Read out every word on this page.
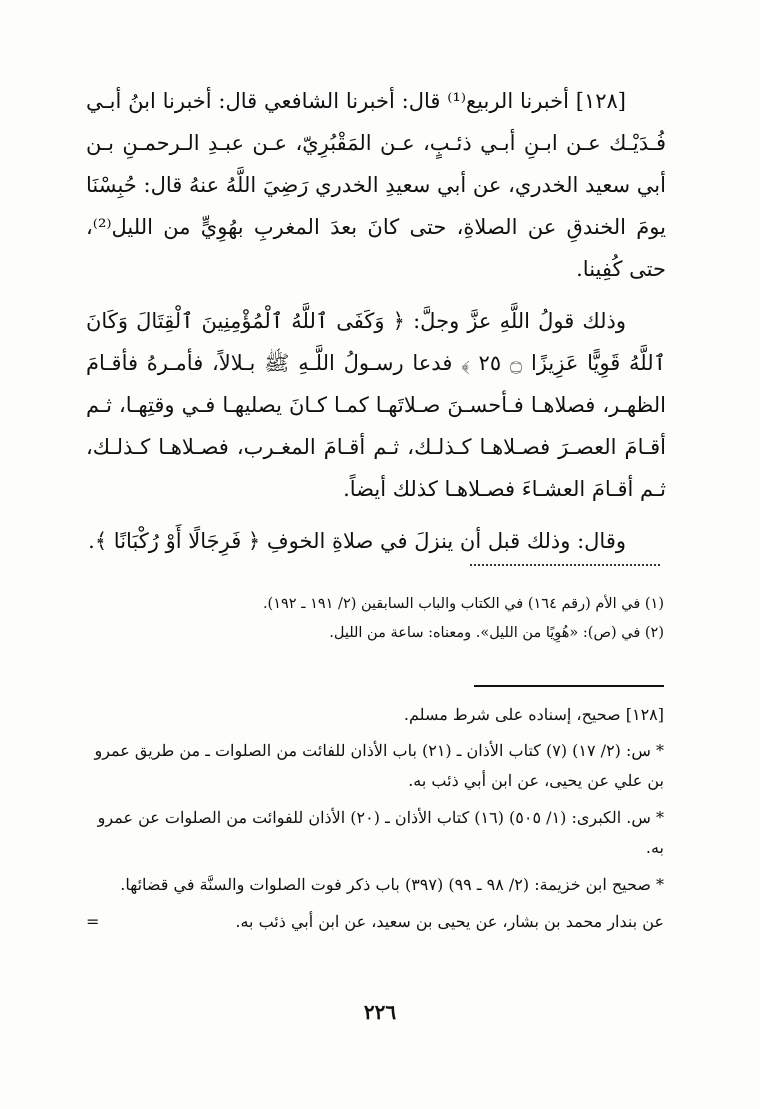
[١٢٨] أخبرنا الربيع⁽¹⁾ قال: أخبرنا الشافعي قال: أخبرنا ابنُ أبـي فُـدَيْـك عـن ابـنِ أبـي ذئـبٍ، عـن المَقْبُرِيّ، عـن عبـدِ الـرحمـنِ بـن أبي سعيد الخدري، عن أبي سعيدِ الخدري رَضِيَ اللَّهُ عنهُ قال: حُبِسْنَا يومَ الخندقِ عن الصلاةِ، حتى كانَ بعدَ المغربِ بهُوِيٍّ من الليل⁽²⁾، حتى كُفِينا.

وذلك قولُ اللَّهِ عزَّ وجلَّ: ﴿ وَكَفَى ٱللَّهُ ٱلْمُؤْمِنِينَ ٱلْقِتَالَ وَكَانَ ٱللَّهُ قَوِيًّا عَزِيزًا ۝ ٢٥ ﴾ فدعا رسـولُ اللَّـهِ ﷺ بـلالاً، فأمـرهُ فأقـامَ الظهـر، فصلاهـا فـأحسـنَ صـلاتَهـا كمـا كـانَ يصليهـا فـي وقتِهـا، ثـم أقـامَ العصـرَ فصـلاهـا كـذلـك، ثـم أقـامَ المغـرب، فصـلاهـا كـذلـك، ثـم أقـامَ العشـاءَ فصـلاهـا كذلك أيضاً.

وقال: وذلك قبل أن ينزلَ في صلاةِ الخوفِ ﴿ فَرِجَالًا أَوْ رُكْبَانًا ﴾.

(١) في الأم (رقم ١٦٤) في الكتاب والباب السابقين (٢/ ١٩١ ـ ١٩٢).
(٢) في (ص): «هُوِيًا من الليل». ومعناه: ساعة من الليل.
[١٢٨] صحيح، إسناده على شرط مسلم.
* س: (٢/ ١٧) (٧) كتاب الأذان ـ (٢١) باب الأذان للفائت من الصلوات ـ من طريق عمرو بن علي عن يحيى، عن ابن أبي ذئب به.
* س. الكبرى: (١/ ٥٠٥) (١٦) كتاب الأذان ـ (٢٠) الأذان للفوائت من الصلوات عن عمرو به.
* صحيح ابن خزيمة: (٢/ ٩٨ ـ ٩٩) (٣٩٧) باب ذكر فوت الصلوات والسنَّة في قضائها.
عن بندار محمد بن بشار، عن يحيى بن سعيد، عن ابن أبي ذئب به.
=
٢٢٦
